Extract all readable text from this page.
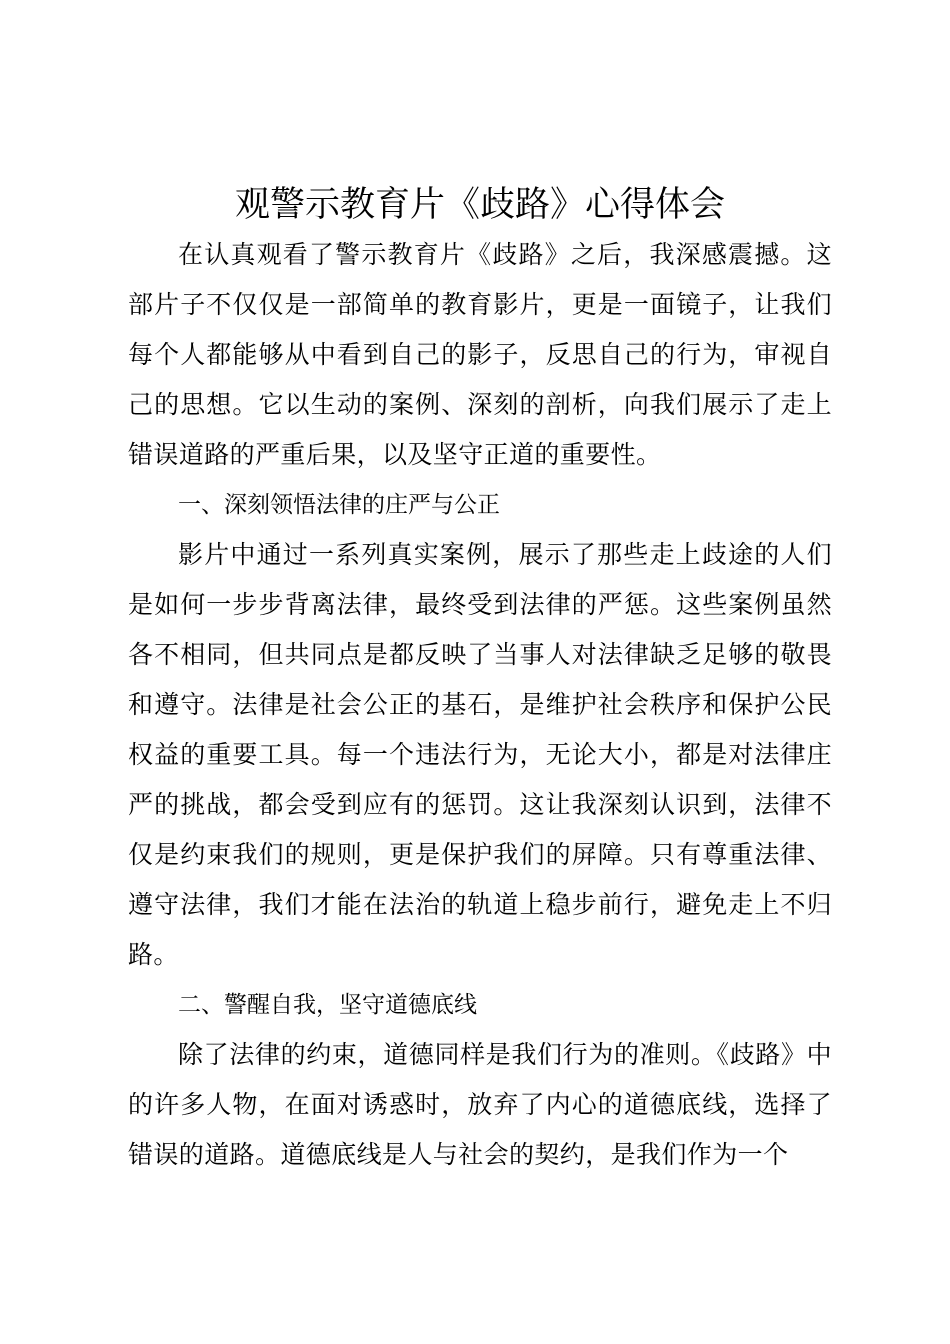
观警示教育片《歧路》心得体会

在认真观看了警示教育片《歧路》之后，我深感震撼。这部片子不仅仅是一部简单的教育影片，更是一面镜子，让我们每个人都能够从中看到自己的影子，反思自己的行为，审视自己的思想。它以生动的案例、深刻的剖析，向我们展示了走上错误道路的严重后果，以及坚守正道的重要性。

一、深刻领悟法律的庄严与公正

影片中通过一系列真实案例，展示了那些走上歧途的人们是如何一步步背离法律，最终受到法律的严惩。这些案例虽然各不相同，但共同点是都反映了当事人对法律缺乏足够的敬畏和遵守。法律是社会公正的基石，是维护社会秩序和保护公民权益的重要工具。每一个违法行为，无论大小，都是对法律庄严的挑战，都会受到应有的惩罚。这让我深刻认识到，法律不仅是约束我们的规则，更是保护我们的屏障。只有尊重法律、遵守法律，我们才能在法治的轨道上稳步前行，避免走上不归路。

二、警醒自我，坚守道德底线

除了法律的约束，道德同样是我们行为的准则。《歧路》中的许多人物，在面对诱惑时，放弃了内心的道德底线，选择了错误的道路。道德底线是人与社会的契约，是我们作为一个
